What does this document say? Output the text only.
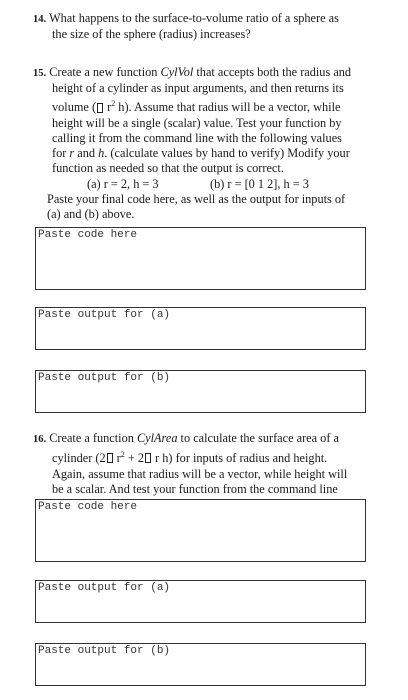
14. What happens to the surface-to-volume ratio of a sphere as
the size of the sphere (radius) increases?
15. Create a new function CylVol that accepts both the radius and
height of a cylinder as input arguments, and then returns its
volume ( $r^2$ h). Assume that radius will be a vector, while
height will be a single (scalar) value. Test your function by
calling it from the command line with the following values
for r and h. (calculate values by hand to verify) Modify your
function as needed so that the output is correct.
(a) r = 2, h = 3	(b) r = [0 1 2], h = 3
Paste your final code here, as well as the output for inputs of
(a) and (b) above.
Paste code here
Paste output for (a)
Paste output for (b)
16. Create a function CylArea to calculate the surface area of a
cylinder (2 $r^2 + 2$ r h) for inputs of radius and height.
Again, assume that radius will be a vector, while height will
be a scalar. And test your function from the command line
Paste code here
Paste output for (a)
Paste output for (b)
